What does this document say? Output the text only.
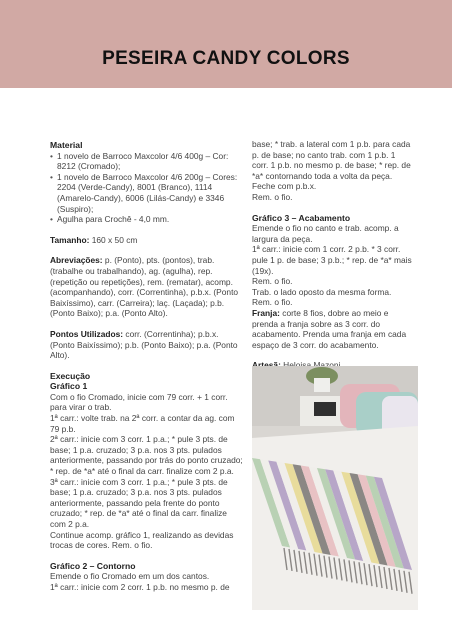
PESEIRA CANDY COLORS

Material

• 1 novelo de Barroco Maxcolor 4/6 400g – Cor: 8212 (Cromado);
• 1 novelo de Barroco Maxcolor 4/6 200g – Cores: 2204 (Verde-Candy), 8001 (Branco), 1114 (Amarelo-Candy), 6006 (Lilás-Candy) e 3346 (Suspiro);
• Agulha para Crochê - 4,0 mm.

Tamanho: 160 x 50 cm

Abreviações: p. (Ponto), pts. (pontos), trab. (trabalhe ou trabalhando), ag. (agulha), rep. (repetição ou repetições), rem. (rematar), acomp. (acompanhando), corr. (Correntinha), p.b.x. (Ponto Baixíssimo), carr. (Carreira); laç. (Laçada); p.b. (Ponto Baixo); p.a. (Ponto Alto).

Pontos Utilizados: corr. (Correntinha); p.b.x. (Ponto Baixíssimo); p.b. (Ponto Baixo); p.a. (Ponto Alto).

Execução

Gráfico 1

Com o fio Cromado, inicie com 79 corr. + 1 corr. para virar o trab.

1ª carr.: volte trab. na 2ª corr. a contar da ag. com 79 p.b.

2ª carr.: inicie com 3 corr. 1 p.a.; * pule 3 pts. de base; 1 p.a. cruzado; 3 p.a. nos 3 pts. pulados anteriormente, passando por trás do ponto cruzado; * rep. de *a* até o final da carr. finalize com 2 p.a.

3ª carr.: inicie com 3 corr. 1 p.a.; * pule 3 pts. de base; 1 p.a. cruzado; 3 p.a. nos 3 pts. pulados anteriormente, passando pela frente do ponto cruzado; * rep. de *a* até o final da carr. finalize com 2 p.a.

Continue acomp. gráfico 1, realizando as devidas trocas de cores. Rem. o fio.

Gráfico 2 – Contorno

Emende o fio Cromado em um dos cantos.

1ª carr.: inicie com 2 corr. 1 p.b. no mesmo p. de

base; * trab. a lateral com 1 p.b. para cada p. de base; no canto trab. com 1 p.b. 1 corr. 1 p.b. no mesmo p. de base; * rep. de *a* contornando toda a volta da peça. Feche com p.b.x.

Rem. o fio.

Gráfico 3 – Acabamento

Emende o fio no canto e trab. acomp. a largura da peça.

1ª carr.: inicie com 1 corr. 2 p.b. * 3 corr. pule 1 p. de base; 3 p.b.; * rep. de *a* mais (19x).

Rem. o fio.

Trab. o lado oposto da mesma forma.

Rem. o fio.

Franja: corte 8 fios, dobre ao meio e prenda a franja sobre as 3 corr. do acabamento. Prenda uma franja em cada espaço de 3 corr. do acabamento.
